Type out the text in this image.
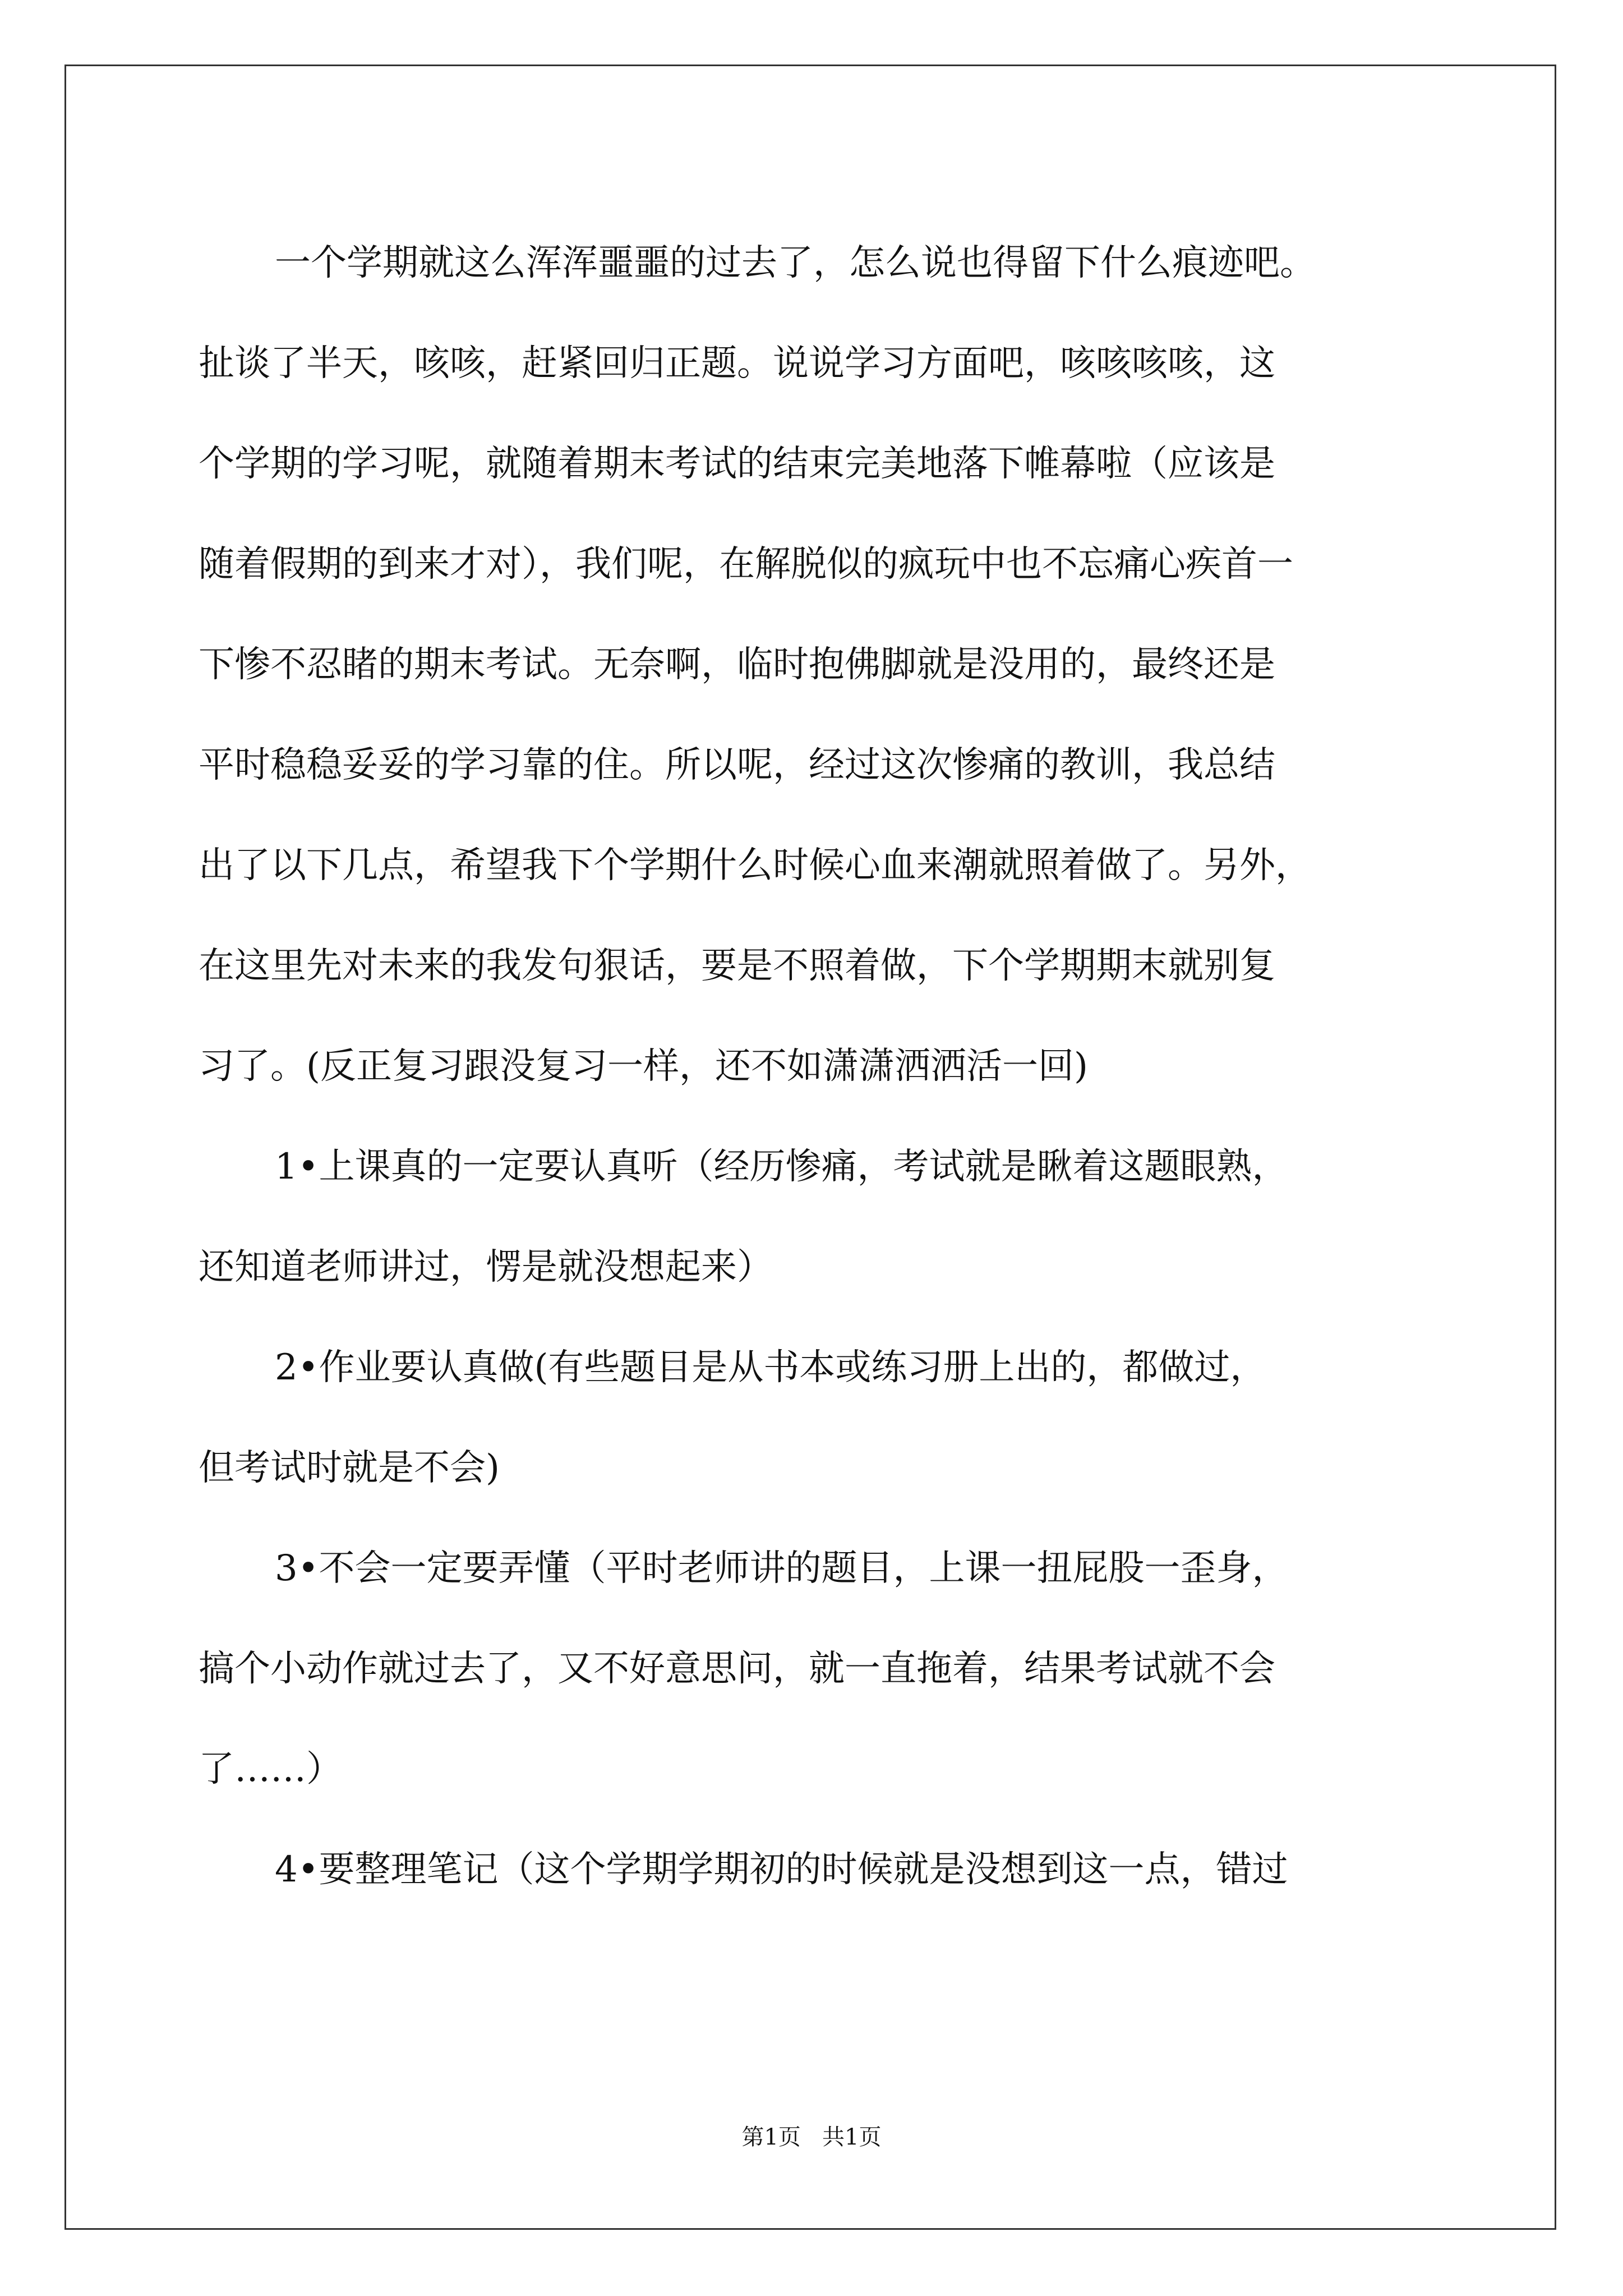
一个学期就这么浑浑噩噩的过去了，怎么说也得留下什么痕迹吧。
扯谈了半天，咳咳，赶紧回归正题。说说学习方面吧，咳咳咳咳，这
个学期的学习呢，就随着期末考试的结束完美地落下帷幕啦（应该是
随着假期的到来才对），我们呢，在解脱似的疯玩中也不忘痛心疾首一
下惨不忍睹的期末考试。无奈啊，临时抱佛脚就是没用的，最终还是
平时稳稳妥妥的学习靠的住。所以呢，经过这次惨痛的教训，我总结
出了以下几点，希望我下个学期什么时候心血来潮就照着做了。另外，
在这里先对未来的我发句狠话，要是不照着做，下个学期期末就别复
习了。(反正复习跟没复习一样，还不如潇潇洒洒活一回)
1•上课真的一定要认真听（经历惨痛，考试就是瞅着这题眼熟，
还知道老师讲过，愣是就没想起来）
2•作业要认真做(有些题目是从书本或练习册上出的，都做过，
但考试时就是不会)
3•不会一定要弄懂（平时老师讲的题目，上课一扭屁股一歪身，
搞个小动作就过去了，又不好意思问，就一直拖着，结果考试就不会
了……）
4•要整理笔记（这个学期学期初的时候就是没想到这一点，错过
第1页   共1页
